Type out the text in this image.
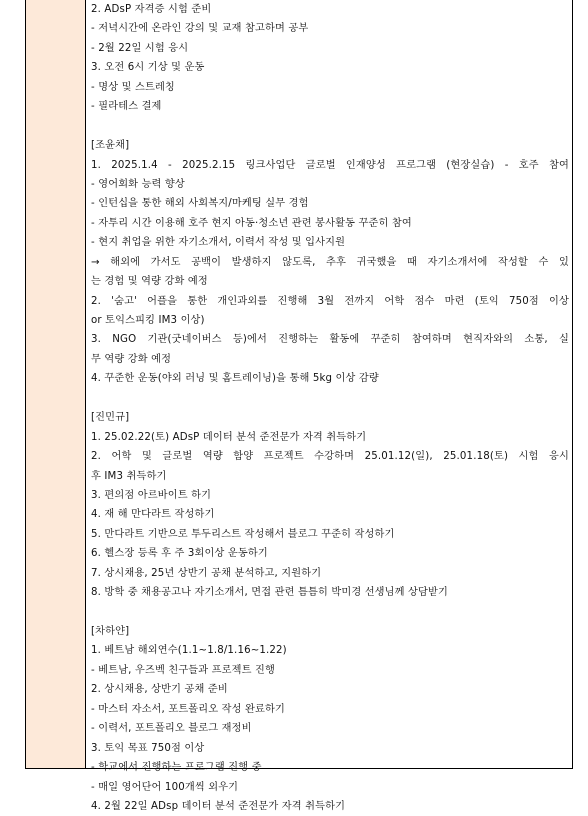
2. ADsP 자격증 시험 준비
- 저녁시간에 온라인 강의 및 교재 참고하며 공부
- 2월 22일 시험 응시
3. 오전 6시 기상 및 운동
- 명상 및 스트레칭
- 필라테스 결제
[조윤채]
1. 2025.1.4 - 2025.2.15 링크사업단 글로벌 인재양성 프로그램 (현장실습) - 호주 참여
- 영어회화 능력 향상
- 인턴십을 통한 해외 사회복지/마케팅 실무 경험
- 자투리 시간 이용해 호주 현지 아동·청소년 관련 봉사활동 꾸준히 참여
- 현지 취업을 위한 자기소개서, 이력서 작성 및 입사지원
→ 해외에 가서도 공백이 발생하지 않도록, 추후 귀국했을 때 자기소개서에 작성할 수 있
는 경험 및 역량 강화 예정
2. '숨고' 어플을 통한 개인과외를 진행해 3월 전까지 어학 점수 마련 (토익 750점 이상
or 토익스피킹 IM3 이상)
3. NGO 기관(굿네이버스 등)에서 진행하는 활동에 꾸준히 참여하며 현직자와의 소통, 실
무 역량 강화 예정
4. 꾸준한 운동(야외 러닝 및 홈트레이닝)을 통해 5kg 이상 감량
[진민규]
1. 25.02.22(토) ADsP 데이터 분석 준전문가 자격 취득하기
2. 어학 및 글로벌 역량 함양 프로젝트 수강하며 25.01.12(일), 25.01.18(토) 시험 응시
후 IM3 취득하기
3. 편의점 아르바이트 하기
4. 재 해 만다라트 작성하기
5. 만다라트 기반으로 투두리스트 작성해서 블로그 꾸준히 작성하기
6. 헬스장 등록 후 주 3회이상 운동하기
7. 상시채용, 25년 상반기 공채 분석하고, 지원하기
8. 방학 중 채용공고나 자기소개서, 면접 관련 틈틈히 박미경 선생님께 상담받기
[차하얀]
1. 베트남 해외연수(1.1~1.8/1.16~1.22)
- 베트남, 우즈벡 친구들과 프로젝트 진행
2. 상시채용, 상반기 공채 준비
- 마스터 자소서, 포트폴리오 작성 완료하기
- 이력서, 포트폴리오 블로그 재정비
3. 토익 목표 750점 이상
- 학교에서 진행하는 프로그램 진행 중
- 매일 영어단어 100개씩 외우기
4. 2월 22일 ADsp 데이터 분석 준전문가 자격 취득하기
